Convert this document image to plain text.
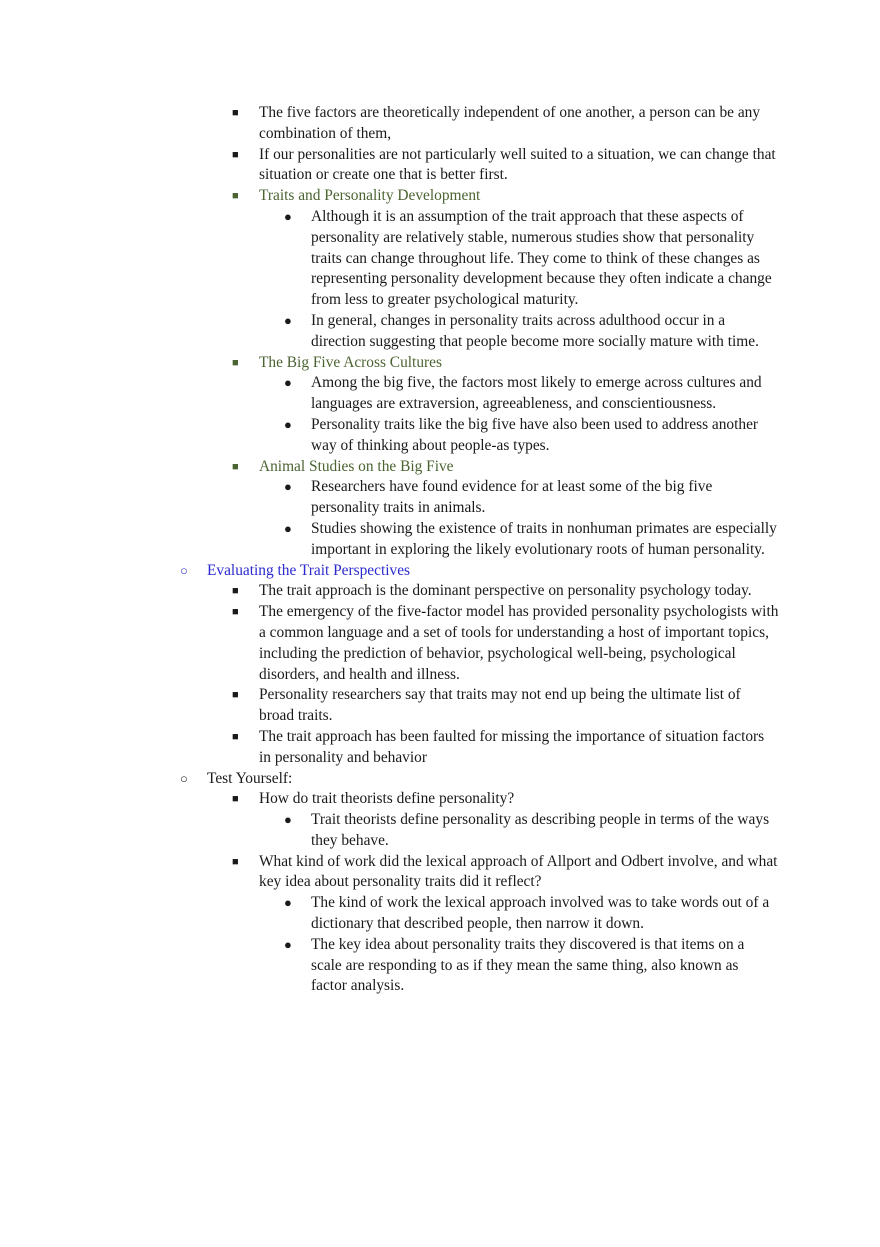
■ The five factors are theoretically independent of one another, a person can be any combination of them,
■ If our personalities are not particularly well suited to a situation, we can change that situation or create one that is better first.
■ Traits and Personality Development
● Although it is an assumption of the trait approach that these aspects of personality are relatively stable, numerous studies show that personality traits can change throughout life. They come to think of these changes as representing personality development because they often indicate a change from less to greater psychological maturity.
● In general, changes in personality traits across adulthood occur in a direction suggesting that people become more socially mature with time.
■ The Big Five Across Cultures
● Among the big five, the factors most likely to emerge across cultures and languages are extraversion, agreeableness, and conscientiousness.
● Personality traits like the big five have also been used to address another way of thinking about people-as types.
■ Animal Studies on the Big Five
● Researchers have found evidence for at least some of the big five personality traits in animals.
● Studies showing the existence of traits in nonhuman primates are especially important in exploring the likely evolutionary roots of human personality.
○ Evaluating the Trait Perspectives
■ The trait approach is the dominant perspective on personality psychology today.
■ The emergency of the five-factor model has provided personality psychologists with a common language and a set of tools for understanding a host of important topics, including the prediction of behavior, psychological well-being, psychological disorders, and health and illness.
■ Personality researchers say that traits may not end up being the ultimate list of broad traits.
■ The trait approach has been faulted for missing the importance of situation factors in personality and behavior
○ Test Yourself:
■ How do trait theorists define personality?
● Trait theorists define personality as describing people in terms of the ways they behave.
■ What kind of work did the lexical approach of Allport and Odbert involve, and what key idea about personality traits did it reflect?
● The kind of work the lexical approach involved was to take words out of a dictionary that described people, then narrow it down.
● The key idea about personality traits they discovered is that items on a scale are responding to as if they mean the same thing, also known as factor analysis.
